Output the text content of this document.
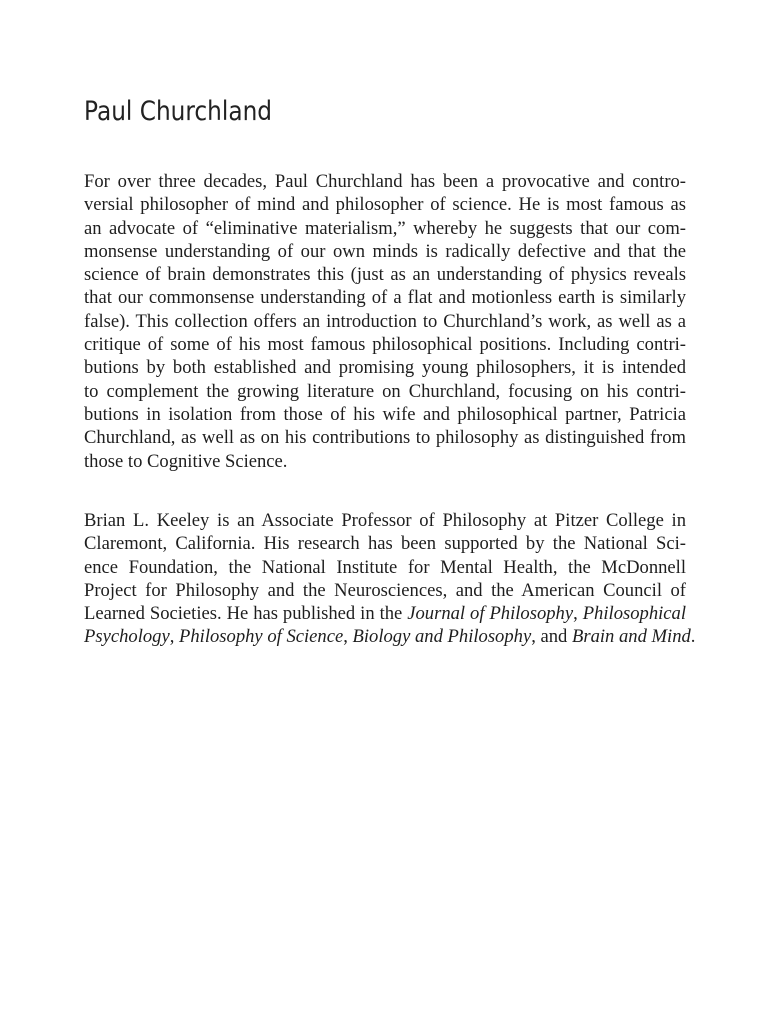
Paul Churchland

For over three decades, Paul Churchland has been a provocative and contro-
versial philosopher of mind and philosopher of science. He is most famous as
an advocate of “eliminative materialism,” whereby he suggests that our com-
monsense understanding of our own minds is radically defective and that the
science of brain demonstrates this (just as an understanding of physics reveals
that our commonsense understanding of a flat and motionless earth is similarly
false). This collection offers an introduction to Churchland’s work, as well as a
critique of some of his most famous philosophical positions. Including contri-
butions by both established and promising young philosophers, it is intended
to complement the growing literature on Churchland, focusing on his contri-
butions in isolation from those of his wife and philosophical partner, Patricia
Churchland, as well as on his contributions to philosophy as distinguished from
those to Cognitive Science.

Brian L. Keeley is an Associate Professor of Philosophy at Pitzer College in
Claremont, California. His research has been supported by the National Sci-
ence Foundation, the National Institute for Mental Health, the McDonnell
Project for Philosophy and the Neurosciences, and the American Council of
Learned Societies. He has published in the Journal of Philosophy, Philosophical
Psychology, Philosophy of Science, Biology and Philosophy, and Brain and Mind.
